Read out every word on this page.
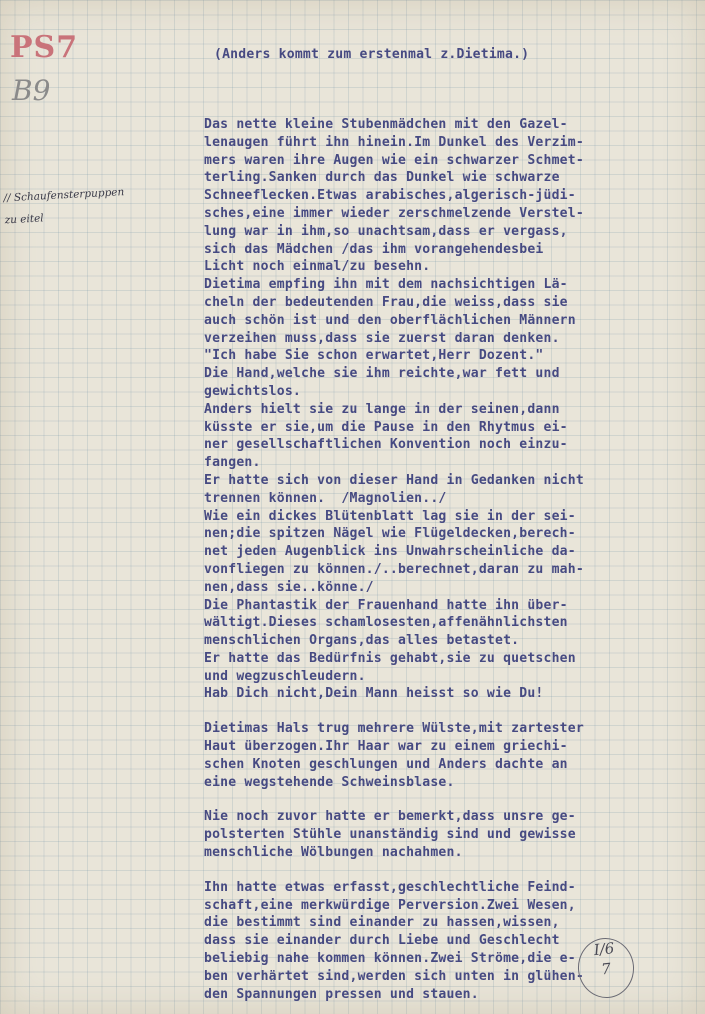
PS7
B9
// Schaufensterpuppen zu eitel

(Anders kommt zum erstenmal z.Dietima.)

Das nette kleine Stubenmädchen mit den Gazel-
lenaugen führt ihn hinein.Im Dunkel des Verzim-
mers waren ihre Augen wie ein schwarzer Schmet-
terling.Sanken durch das Dunkel wie schwarze
Schneeflecken.Etwas arabisches,algerisch-jüdi-
sches,eine immer wieder zerschmelzende Verstel-
lung war in ihm,so unachtsam,dass er vergass,
sich das Mädchen /das ihm vorangehendesbei
Licht noch einmal/zu besehn.
Dietima empfing ihn mit dem nachsichtigen Lä-
cheln der bedeutenden Frau,die weiss,dass sie
auch schön ist und den oberflächlichen Männern
verzeihen muss,dass sie zuerst daran denken.
"Ich habe Sie schon erwartet,Herr Dozent."
Die Hand,welche sie ihm reichte,war fett und
gewichtslos.
Anders hielt sie zu lange in der seinen,dann
küsste er sie,um die Pause in den Rhytmus ei-
ner gesellschaftlichen Konvention noch einzu-
fangen.
Er hatte sich von dieser Hand in Gedanken nicht
trennen können.  /Magnolien../
Wie ein dickes Blütenblatt lag sie in der sei-
nen;die spitzen Nägel wie Flügeldecken,berech-
net jeden Augenblick ins Unwahrscheinliche da-
vonfliegen zu können./..berechnet,daran zu mah-
nen,dass sie..könne./
Die Phantastik der Frauenhand hatte ihn über-
wältigt.Dieses schamlosesten,affenähnlichsten
menschlichen Organs,das alles betastet.
Er hatte das Bedürfnis gehabt,sie zu quetschen
und wegzuschleudern.
Hab Dich nicht,Dein Mann heisst so wie Du!
Dietimas Hals trug mehrere Wülste,mit zartester
Haut überzogen.Ihr Haar war zu einem griechi-
schen Knoten geschlungen und Anders dachte an
eine wegstehende Schweinsblase.
Nie noch zuvor hatte er bemerkt,dass unsre ge-
polsterten Stühle unanständig sind und gewisse
menschliche Wölbungen nachahmen.
Ihn hatte etwas erfasst,geschlechtliche Feind-
schaft,eine merkwürdige Perversion.Zwei Wesen,
die bestimmt sind einander zu hassen,wissen,
dass sie einander durch Liebe und Geschlecht
beliebig nahe kommen können.Zwei Ströme,die e-
ben verhärtet sind,werden sich unten in glühen-
den Spannungen pressen und stauen.
I/6
7
